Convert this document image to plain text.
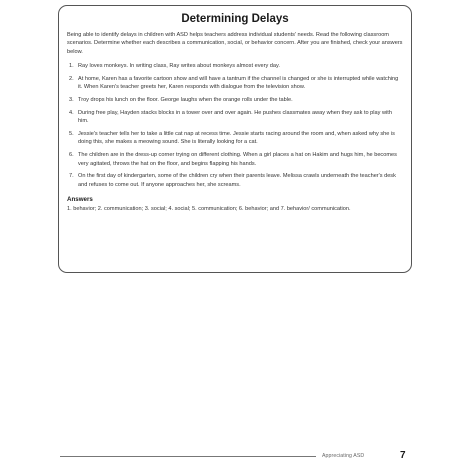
Determining Delays

Being able to identify delays in children with ASD helps teachers address individual students' needs. Read the following classroom scenarios. Determine whether each describes a communication, social, or behavior concern. After you are finished, check your answers below.

1. Ray loves monkeys. In writing class, Ray writes about monkeys almost every day.
2. At home, Karen has a favorite cartoon show and will have a tantrum if the channel is changed or she is interrupted while watching it. When Karen's teacher greets her, Karen responds with dialogue from the television show.
3. Troy drops his lunch on the floor. George laughs when the orange rolls under the table.
4. During free play, Hayden stacks blocks in a tower over and over again. He pushes classmates away when they ask to play with him.
5. Jessie's teacher tells her to take a little cat nap at recess time. Jessie starts racing around the room and, when asked why she is doing this, she makes a meowing sound. She is literally looking for a cat.
6. The children are in the dress-up corner trying on different clothing. When a girl places a hat on Hakim and hugs him, he becomes very agitated, throws the hat on the floor, and begins flapping his hands.
7. On the first day of kindergarten, some of the children cry when their parents leave. Melissa crawls underneath the teacher's desk and refuses to come out. If anyone approaches her, she screams.
Answers

1. behavior; 2. communication; 3. social; 4. social; 5. communication; 6. behavior; and 7. behavior/ communication.

Appreciating ASD	7
